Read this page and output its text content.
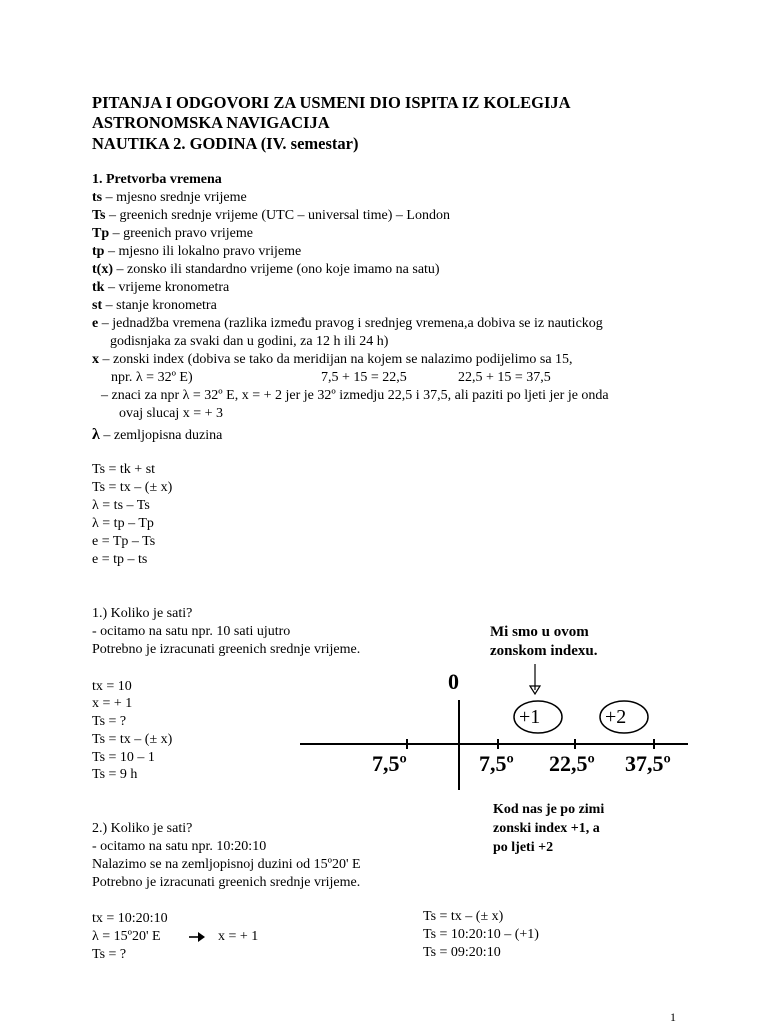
PITANJA I ODGOVORI ZA USMENI DIO ISPITA IZ KOLEGIJA
ASTRONOMSKA NAVIGACIJA
NAUTIKA 2. GODINA (IV. semestar)
1. Pretvorba vremena
ts – mjesno srednje vrijeme
Ts – greenich srednje vrijeme (UTC – universal time) – London
Tp – greenich pravo vrijeme
tp – mjesno ili lokalno pravo vrijeme
t(x) – zonsko ili standardno vrijeme (ono koje imamo na satu)
tk – vrijeme kronometra
st – stanje kronometra
e – jednadžba vremena (razlika između pravog i srednjeg vremena,a dobiva se iz nautickog
godisnjaka za svaki dan u godini, za 12 h ili 24 h)
x – zonski index (dobiva se tako da meridijan na kojem se nalazimo podijelimo sa 15,
npr. λ = 32º E)	7,5 + 15 = 22,5	22,5 + 15 = 37,5
– znaci za npr λ = 32º E, x = + 2 jer je 32º izmedju 22,5 i 37,5, ali paziti po ljeti jer je onda
ovaj slucaj x = + 3
λ – zemljopisna duzina
Ts = tk + st
Ts = tx – (± x)
λ = ts – Ts
λ = tp – Tp
e = Tp – Ts
e = tp – ts
1.) Koliko je sati?
- ocitamo na satu npr. 10 sati ujutro
Potrebno je izracunati greenich srednje vrijeme.
tx = 10
x = + 1
Ts = ?
Ts = tx – (± x)
Ts = 10 – 1
Ts = 9 h
Mi smo u ovom
zonskom indexu.
0
+1	+2
7,5º	7,5º 22,5º 37,5º
Kod nas je po zimi
zonski index +1, a
po ljeti +2
2.) Koliko je sati?
- ocitamo na satu npr. 10:20:10
Nalazimo se na zemljopisnoj duzini od 15º20' E
Potrebno je izracunati greenich srednje vrijeme.
tx = 10:20:10
λ = 15º20' E	x = + 1
Ts = ?
Ts = tx – (± x)
Ts = 10:20:10 – (+1)
Ts = 09:20:10
1
